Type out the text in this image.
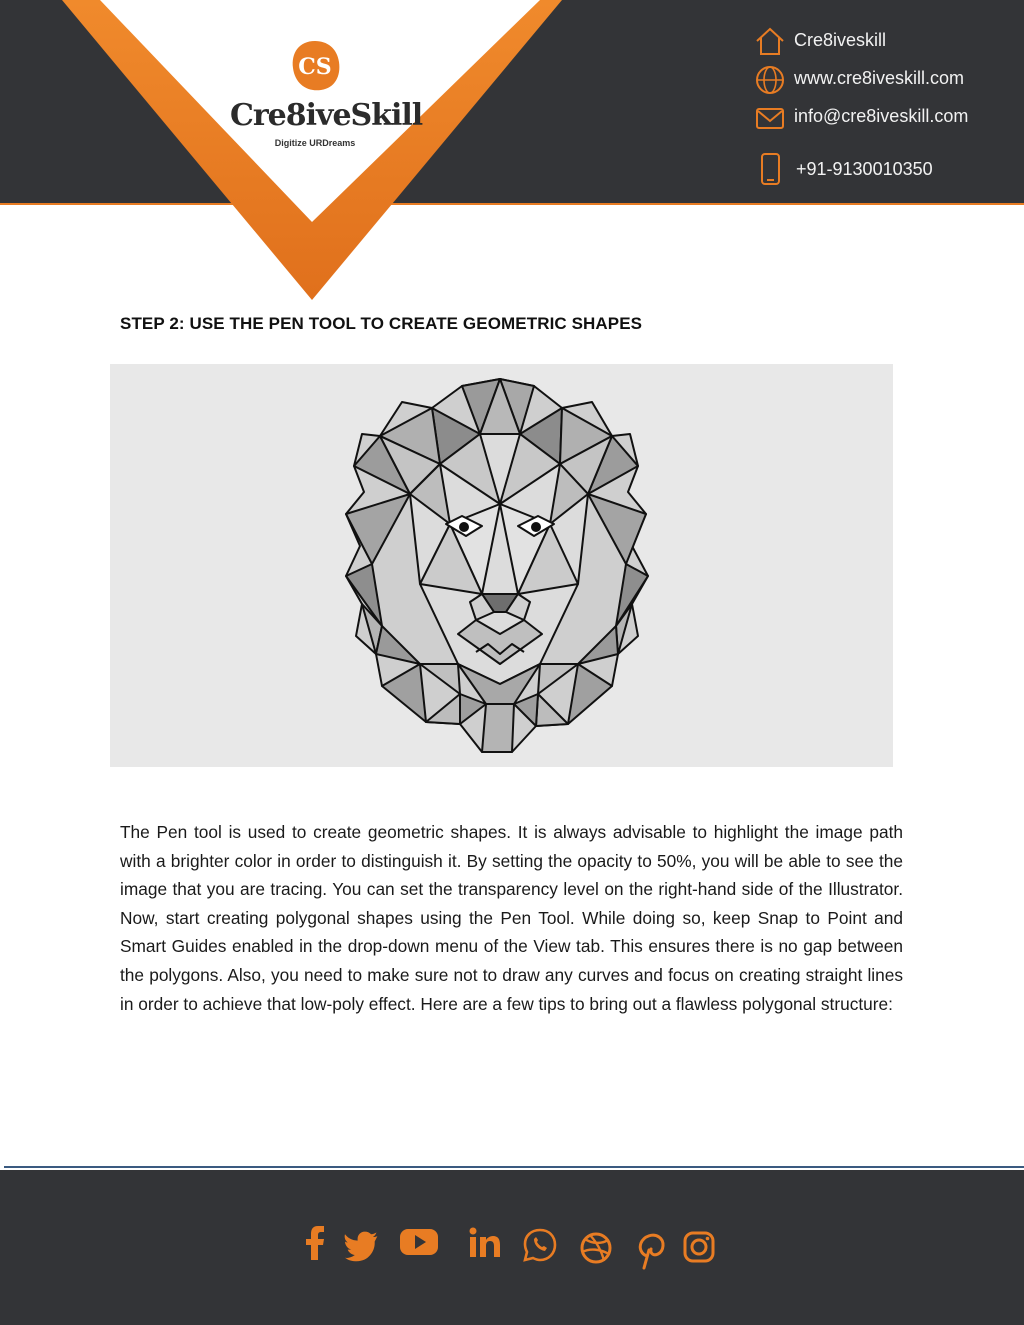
CS
Cre8iveSkill
Digitize URDreams
Cre8iveskill
www.cre8iveskill.com
info@cre8iveskill.com
+91-9130010350
STEP 2: USE THE PEN TOOL TO CREATE GEOMETRIC SHAPES
The Pen tool is used to create geometric shapes. It is always advisable to highlight the image path with a brighter color in order to distinguish it. By setting the opacity to 50%, you will be able to see the image that you are tracing. You can set the transparency level on the right-hand side of the Illustrator. Now, start creating polygonal shapes using the Pen Tool. While doing so, keep Snap to Point and Smart Guides enabled in the drop-down menu of the View tab. This ensures there is no gap between the polygons. Also, you need to make sure not to draw any curves and focus on creating straight lines in order to achieve that low-poly effect. Here are a few tips to bring out a flawless polygonal structure:
